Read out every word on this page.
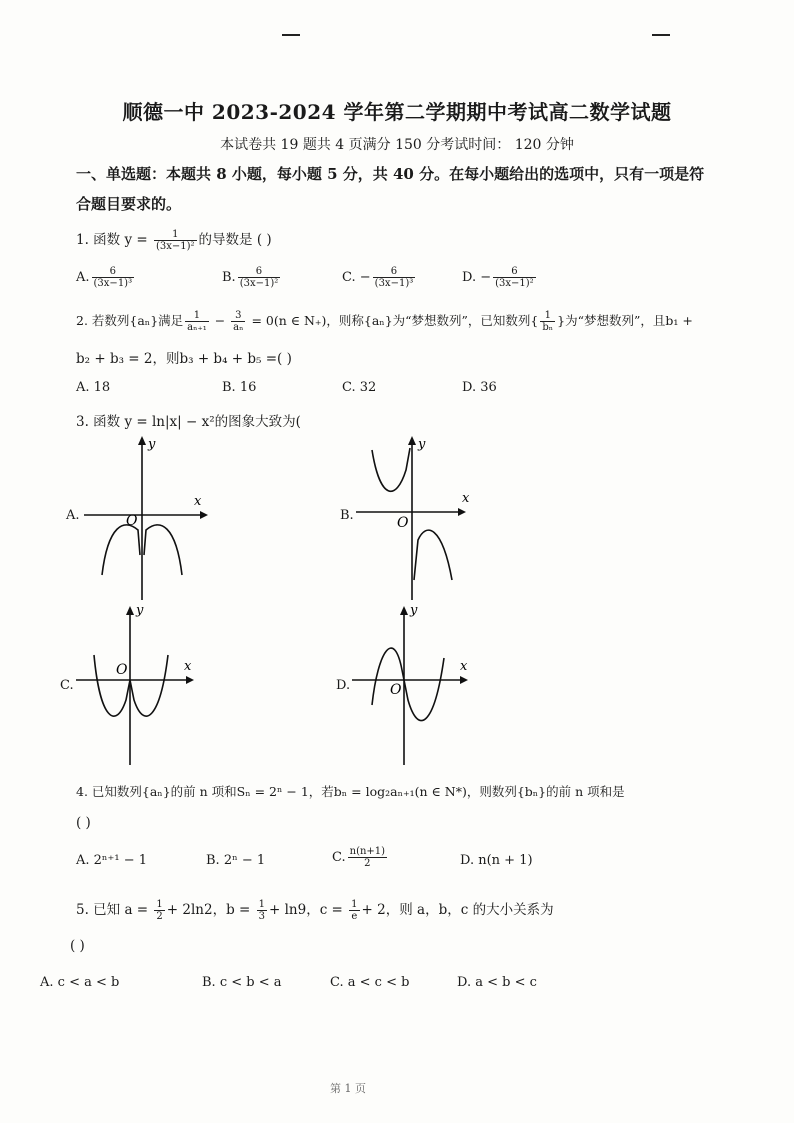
顺德一中 2023-2024 学年第二学期期中考试高二数学试题
本试卷共 19 题共 4 页满分 150 分考试时间： 120 分钟
一、单选题：本题共 8 小题，每小题 5 分，共 40 分。在每小题给出的选项中，只有一项是符
合题目要求的。
1. 函数 $y = \frac{1}{\text{(3x−1)²}}$ 的导数是 ( )
A. $\frac{6}{\text{(3x−1)³}}$	B. $\frac{6}{\text{(3x−1)²}}$	C. − $\frac{6}{\text{(3x−1)³}}$	D. − $\frac{6}{\text{(3x−1)²}}$
2. 若数列{aₙ}满足 $\frac{1}{\text{aₙ₊₁}} - \frac{3}{\text{aₙ}} = 0(n$ ∈ N₊)，则称{aₙ}为“梦想数列”，已知数列{ $\frac{1}{\text{bₙ}}$ }为“梦想数列”，且b₁ +
b₂ + b₃ = 2，则b₃ + b₄ + b₅ =( )
A. 18	B. 16	C. 32	D. 36
3. 函数 y = ln|x| − x²的图象大致为(
A.
y
x
O	B.
y
x
O
C.
y
x
O
D.
y
x
O
4. 已知数列{aₙ}的前 n 项和Sₙ = 2ⁿ − 1，若bₙ = log₂aₙ₊₁(n ∈ N*)，则数列{bₙ}的前 n 项和是
( )
A. 2ⁿ⁺¹ − 1	B. 2ⁿ − 1	C. $\frac{n(n+1)}{2}$	D. n(n + 1)
5. 已知 $a = \frac{1}{2} + 2\ln 2$，$b = \frac{1}{3} + \ln 9$，$c = \frac{1}{e} + 2$，则 a，b，c 的大小关系为
( )
A. c < a < b	B. c < b < a	C. a < c < b	D. a < b < c
第 1 页
